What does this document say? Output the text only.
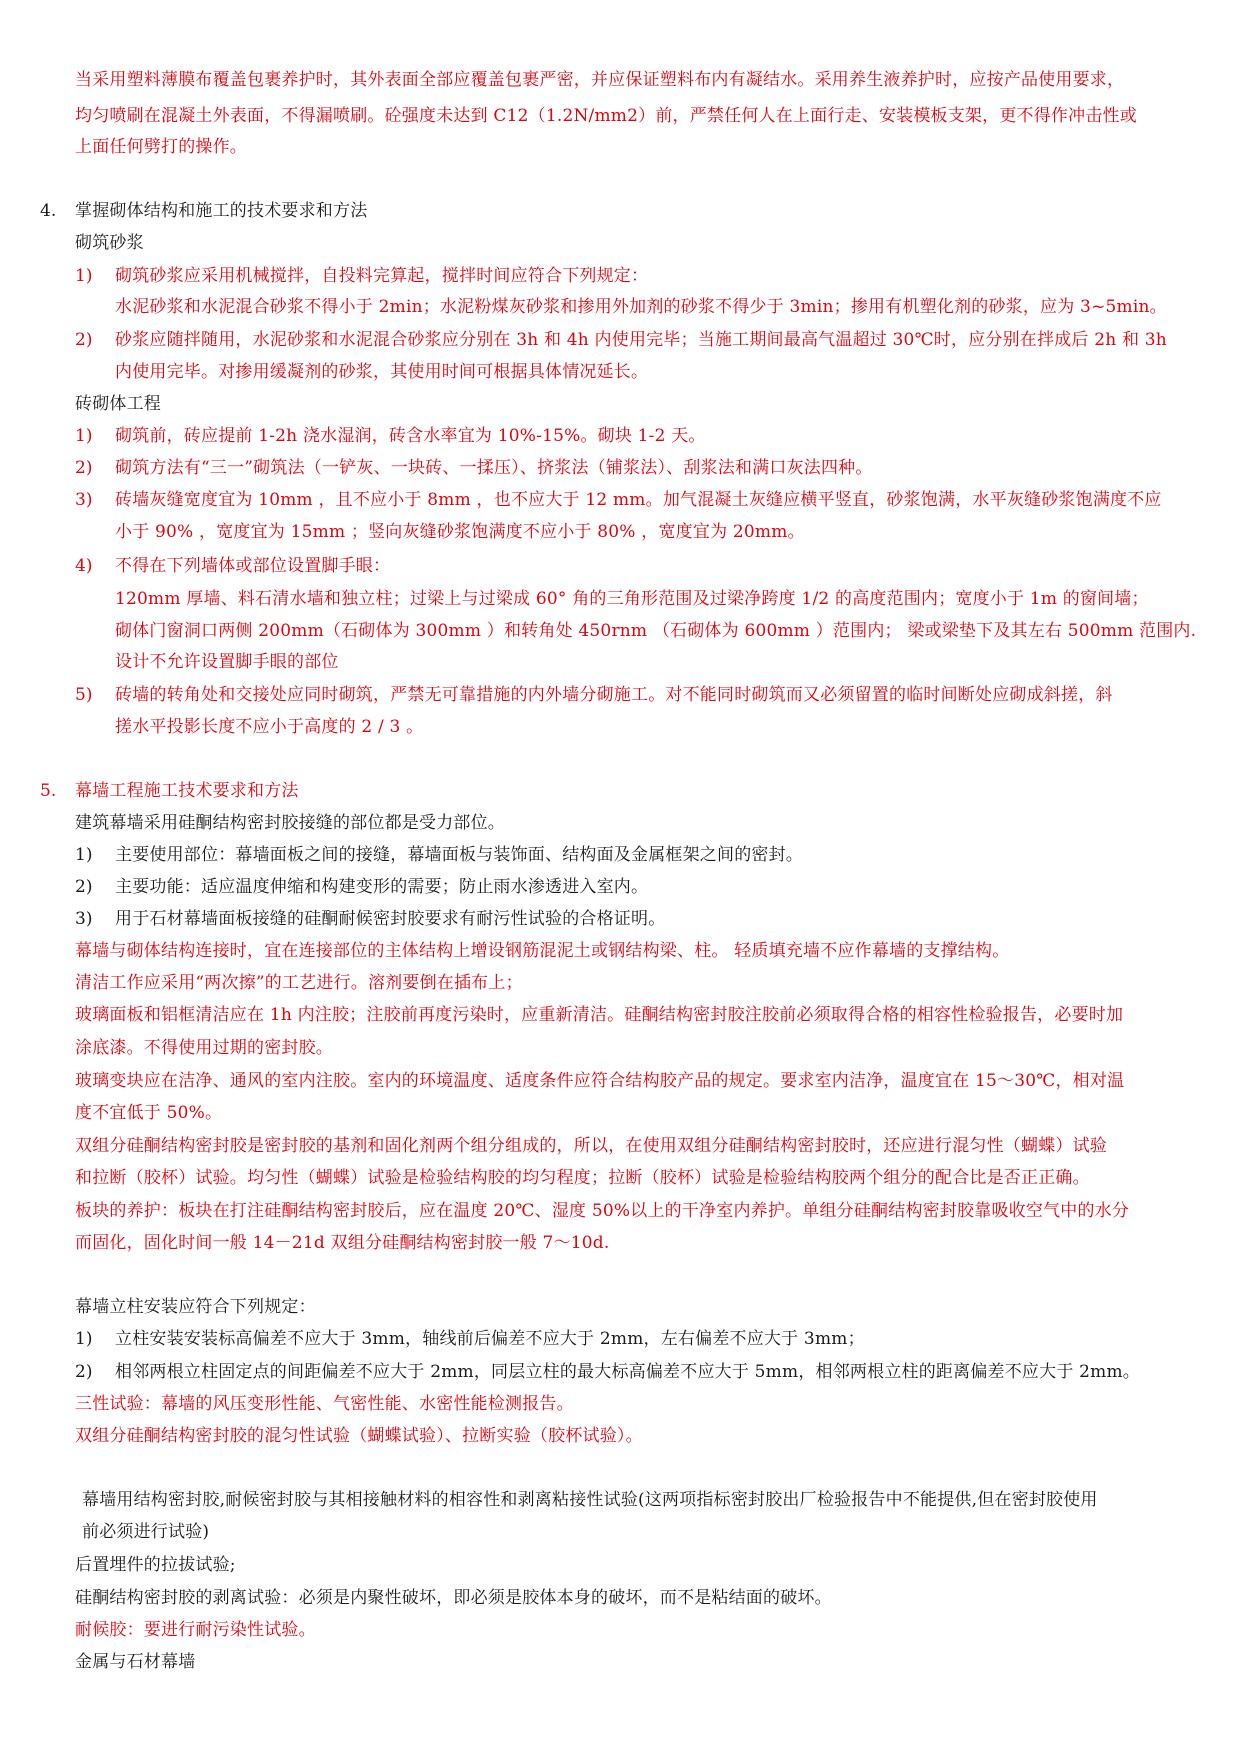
当采用塑料薄膜布覆盖包裹养护时，其外表面全部应覆盖包裹严密，并应保证塑料布内有凝结水。采用养生液养护时，应按产品使用要求，
均匀喷刷在混凝土外表面，不得漏喷刷。砼强度未达到 C12（1.2N/mm2）前，严禁任何人在上面行走、安装模板支架，更不得作冲击性或
上面任何劈打的操作。
4. 掌握砌体结构和施工的技术要求和方法
砌筑砂浆
1) 砌筑砂浆应采用机械搅拌，自投料完算起，搅拌时间应符合下列规定：
水泥砂浆和水泥混合砂浆不得小于 2min；水泥粉煤灰砂浆和掺用外加剂的砂浆不得少于 3min；掺用有机塑化剂的砂浆，应为 3~5min。
2) 砂浆应随拌随用，水泥砂浆和水泥混合砂浆应分别在 3h 和 4h 内使用完毕；当施工期间最高气温超过 30℃时，应分别在拌成后 2h 和 3h
内使用完毕。对掺用缓凝剂的砂浆，其使用时间可根据具体情况延长。
砖砌体工程
1) 砌筑前，砖应提前 1-2h 浇水湿润，砖含水率宜为 10%-15%。砌块 1-2 天。
2) 砌筑方法有“三一”砌筑法（一铲灰、一块砖、一揉压）、挤浆法（铺浆法）、刮浆法和满口灰法四种。
3) 砖墙灰缝宽度宜为 10mm ，且不应小于 8mm ，也不应大于 12 mm。加气混凝土灰缝应横平竖直，砂浆饱满，水平灰缝砂浆饱满度不应
小于 90% ，宽度宜为 15mm ；竖向灰缝砂浆饱满度不应小于 80% ，宽度宜为 20mm。
4) 不得在下列墙体或部位设置脚手眼：
120mm 厚墙、料石清水墙和独立柱；过梁上与过梁成 60° 角的三角形范围及过梁净跨度 1/2 的高度范围内；宽度小于 1m 的窗间墙；
砌体门窗洞口两侧 200mm（石砌体为 300mm ）和转角处 450rnm （石砌体为 600mm ）范围内； 梁或梁垫下及其左右 500mm 范围内.
设计不允许设置脚手眼的部位
5) 砖墙的转角处和交接处应同时砌筑，严禁无可靠措施的内外墙分砌施工。对不能同时砌筑而又必须留置的临时间断处应砌成斜搓，斜
搓水平投影长度不应小于高度的 2 / 3 。
5. 幕墙工程施工技术要求和方法
建筑幕墙采用硅酮结构密封胶接缝的部位都是受力部位。
1) 主要使用部位：幕墙面板之间的接缝，幕墙面板与装饰面、结构面及金属框架之间的密封。
2) 主要功能：适应温度伸缩和构建变形的需要；防止雨水渗透进入室内。
3) 用于石材幕墙面板接缝的硅酮耐候密封胶要求有耐污性试验的合格证明。
幕墙与砌体结构连接时，宜在连接部位的主体结构上增设钢筋混泥土或钢结构梁、柱。 轻质填充墙不应作幕墙的支撑结构。
清洁工作应采用“两次擦”的工艺进行。溶剂要倒在插布上；
玻璃面板和铝框清洁应在 1h 内注胶；注胶前再度污染时，应重新清洁。硅酮结构密封胶注胶前必须取得合格的相容性检验报告，必要时加
涂底漆。不得使用过期的密封胶。
玻璃变块应在洁净、通风的室内注胶。室内的环境温度、适度条件应符合结构胶产品的规定。要求室内洁净，温度宜在 15～30℃，相对温
度不宜低于 50%。
双组分硅酮结构密封胶是密封胶的基剂和固化剂两个组分组成的，所以，在使用双组分硅酮结构密封胶时，还应进行混匀性（蝴蝶）试验
和拉断（胶杯）试验。均匀性（蝴蝶）试验是检验结构胶的均匀程度；拉断（胶杯）试验是检验结构胶两个组分的配合比是否正正确。
板块的养护：板块在打注硅酮结构密封胶后，应在温度 20℃、湿度 50%以上的干净室内养护。单组分硅酮结构密封胶靠吸收空气中的水分
而固化，固化时间一般 14－21d 双组分硅酮结构密封胶一般 7～10d.
幕墙立柱安装应符合下列规定：
1) 立柱安装安装标高偏差不应大于 3mm，轴线前后偏差不应大于 2mm，左右偏差不应大于 3mm；
2) 相邻两根立柱固定点的间距偏差不应大于 2mm，同层立柱的最大标高偏差不应大于 5mm，相邻两根立柱的距离偏差不应大于 2mm。
三性试验：幕墙的风压变形性能、气密性能、水密性能检测报告。
双组分硅酮结构密封胶的混匀性试验（蝴蝶试验）、拉断实验（胶杯试验）。
幕墙用结构密封胶,耐候密封胶与其相接触材料的相容性和剥离粘接性试验(这两项指标密封胶出厂检验报告中不能提供,但在密封胶使用
前必须进行试验)
后置埋件的拉拔试验;
硅酮结构密封胶的剥离试验：必须是内聚性破坏，即必须是胶体本身的破坏，而不是粘结面的破坏。
耐候胶：要进行耐污染性试验。
金属与石材幕墙
